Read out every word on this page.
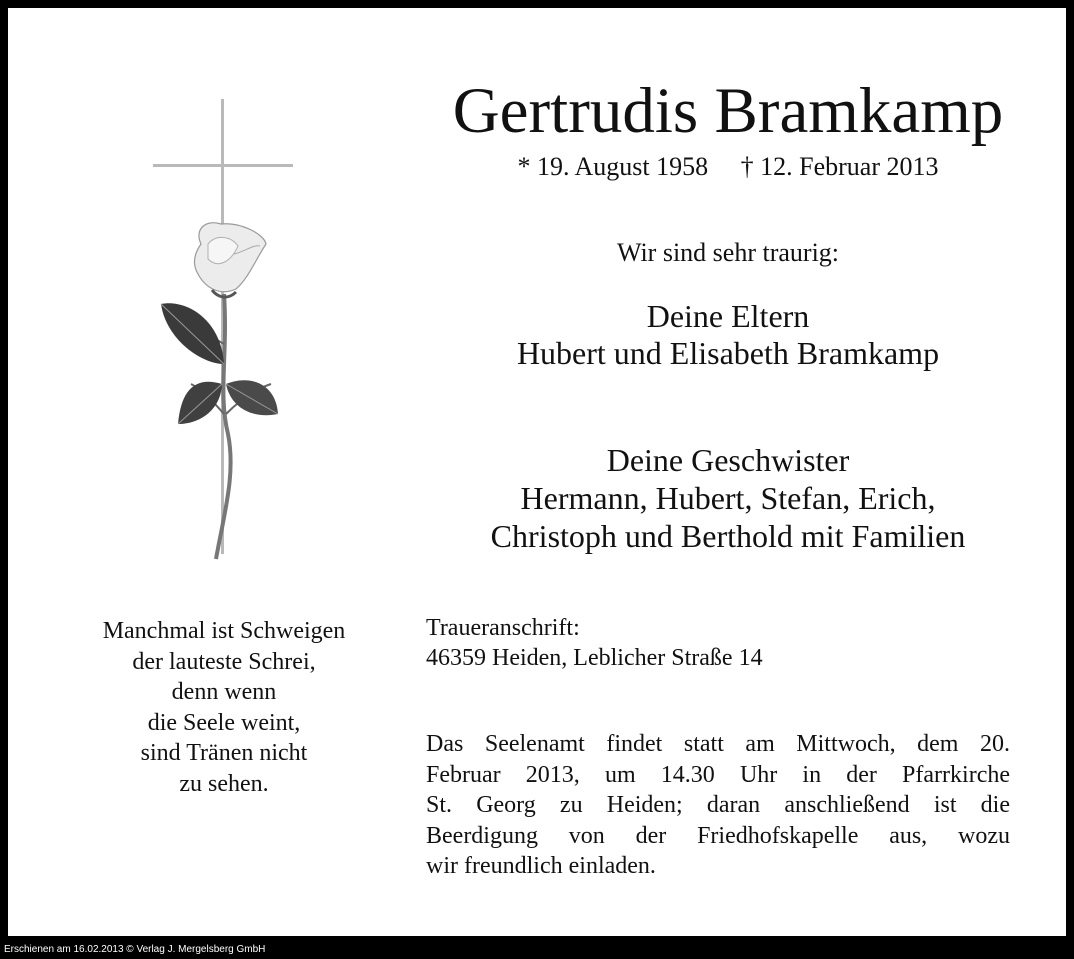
Gertrudis Bramkamp
* 19. August 1958     † 12. Februar 2013

Wir sind sehr traurig:

Deine Eltern

Hubert und Elisabeth Bramkamp

Deine Geschwister

Hermann, Hubert, Stefan, Erich,

Christoph und Berthold mit Familien

Manchmal ist Schweigen
der lauteste Schrei,
denn wenn
die Seele weint,
sind Tränen nicht
zu sehen.
Traueranschrift:
46359 Heiden, Leblicher Straße 14
Das Seelenamt findet statt am Mittwoch, dem 20.
Februar 2013, um 14.30 Uhr in der Pfarrkirche
St. Georg zu Heiden; daran anschließend ist die
Beerdigung von der Friedhofskapelle aus, wozu
wir freundlich einladen.
Erschienen am 16.02.2013 © Verlag J. Mergelsberg GmbH
